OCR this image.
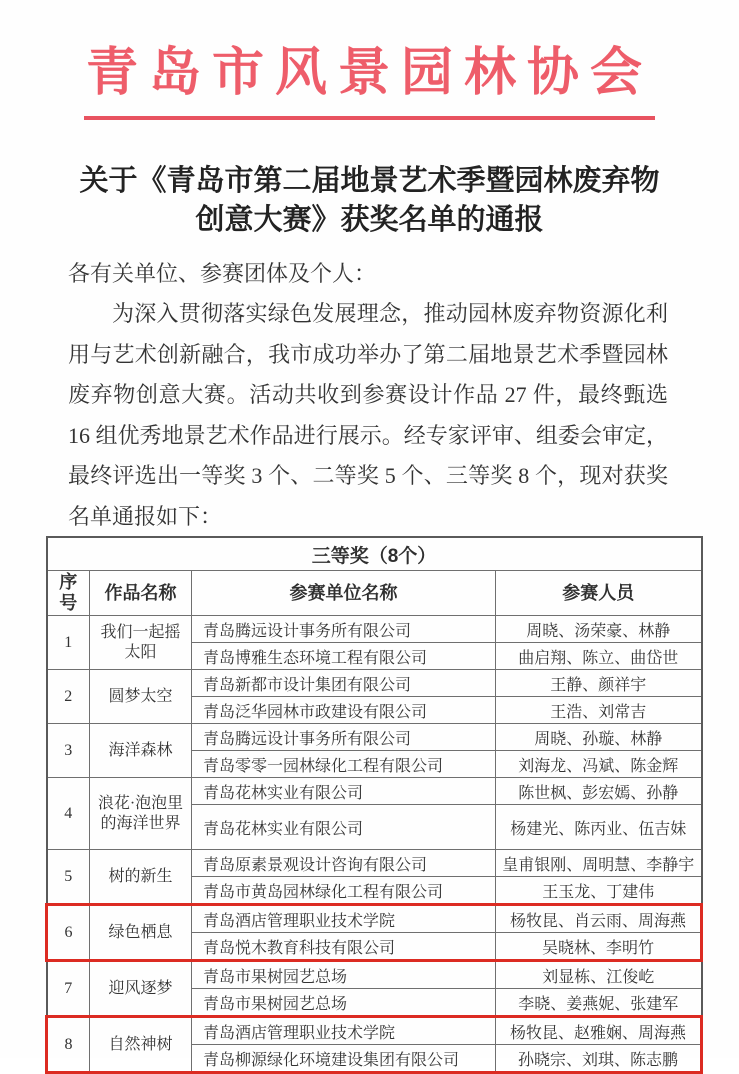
青岛市风景园林协会
关于《青岛市第二届地景艺术季暨园林废弃物
创意大赛》获奖名单的通报
各有关单位、参赛团体及个人：
为深入贯彻落实绿色发展理念，推动园林废弃物资源化利
用与艺术创新融合，我市成功举办了第二届地景艺术季暨园林
废弃物创意大赛。活动共收到参赛设计作品 27 件，最终甄选
16 组优秀地景艺术作品进行展示。经专家评审、组委会审定，
最终评选出一等奖 3 个、二等奖 5 个、三等奖 8 个，现对获奖
名单通报如下：
三等奖（8个）			
序号	作品名称	参赛单位名称	参赛人员
1	我们一起摇太阳	青岛腾远设计事务所有限公司	周晓、汤荣豪、林静
		青岛博雅生态环境工程有限公司	曲启翔、陈立、曲岱世
2	圆梦太空	青岛新都市设计集团有限公司	王静、颜祥宇
		青岛泛华园林市政建设有限公司	王浩、刘常吉
3	海洋森林	青岛腾远设计事务所有限公司	周晓、孙璇、林静
		青岛零零一园林绿化工程有限公司	刘海龙、冯斌、陈金辉
4	浪花·泡泡里的海洋世界	青岛花林实业有限公司	陈世枫、彭宏嫣、孙静
		青岛花林实业有限公司	杨建光、陈丙业、伍吉妹
5	树的新生	青岛原素景观设计咨询有限公司	皇甫银刚、周明慧、李静宇
		青岛市黄岛园林绿化工程有限公司	王玉龙、丁建伟
6	绿色栖息	青岛酒店管理职业技术学院	杨牧昆、肖云雨、周海燕
		青岛悦木教育科技有限公司	吴晓林、李明竹
7	迎风逐梦	青岛市果树园艺总场	刘显栋、江俊屹
		青岛市果树园艺总场	李晓、姜燕妮、张建军
8	自然神树	青岛酒店管理职业技术学院	杨牧昆、赵雅娴、周海燕
		青岛柳源绿化环境建设集团有限公司	孙晓宗、刘琪、陈志鹏
